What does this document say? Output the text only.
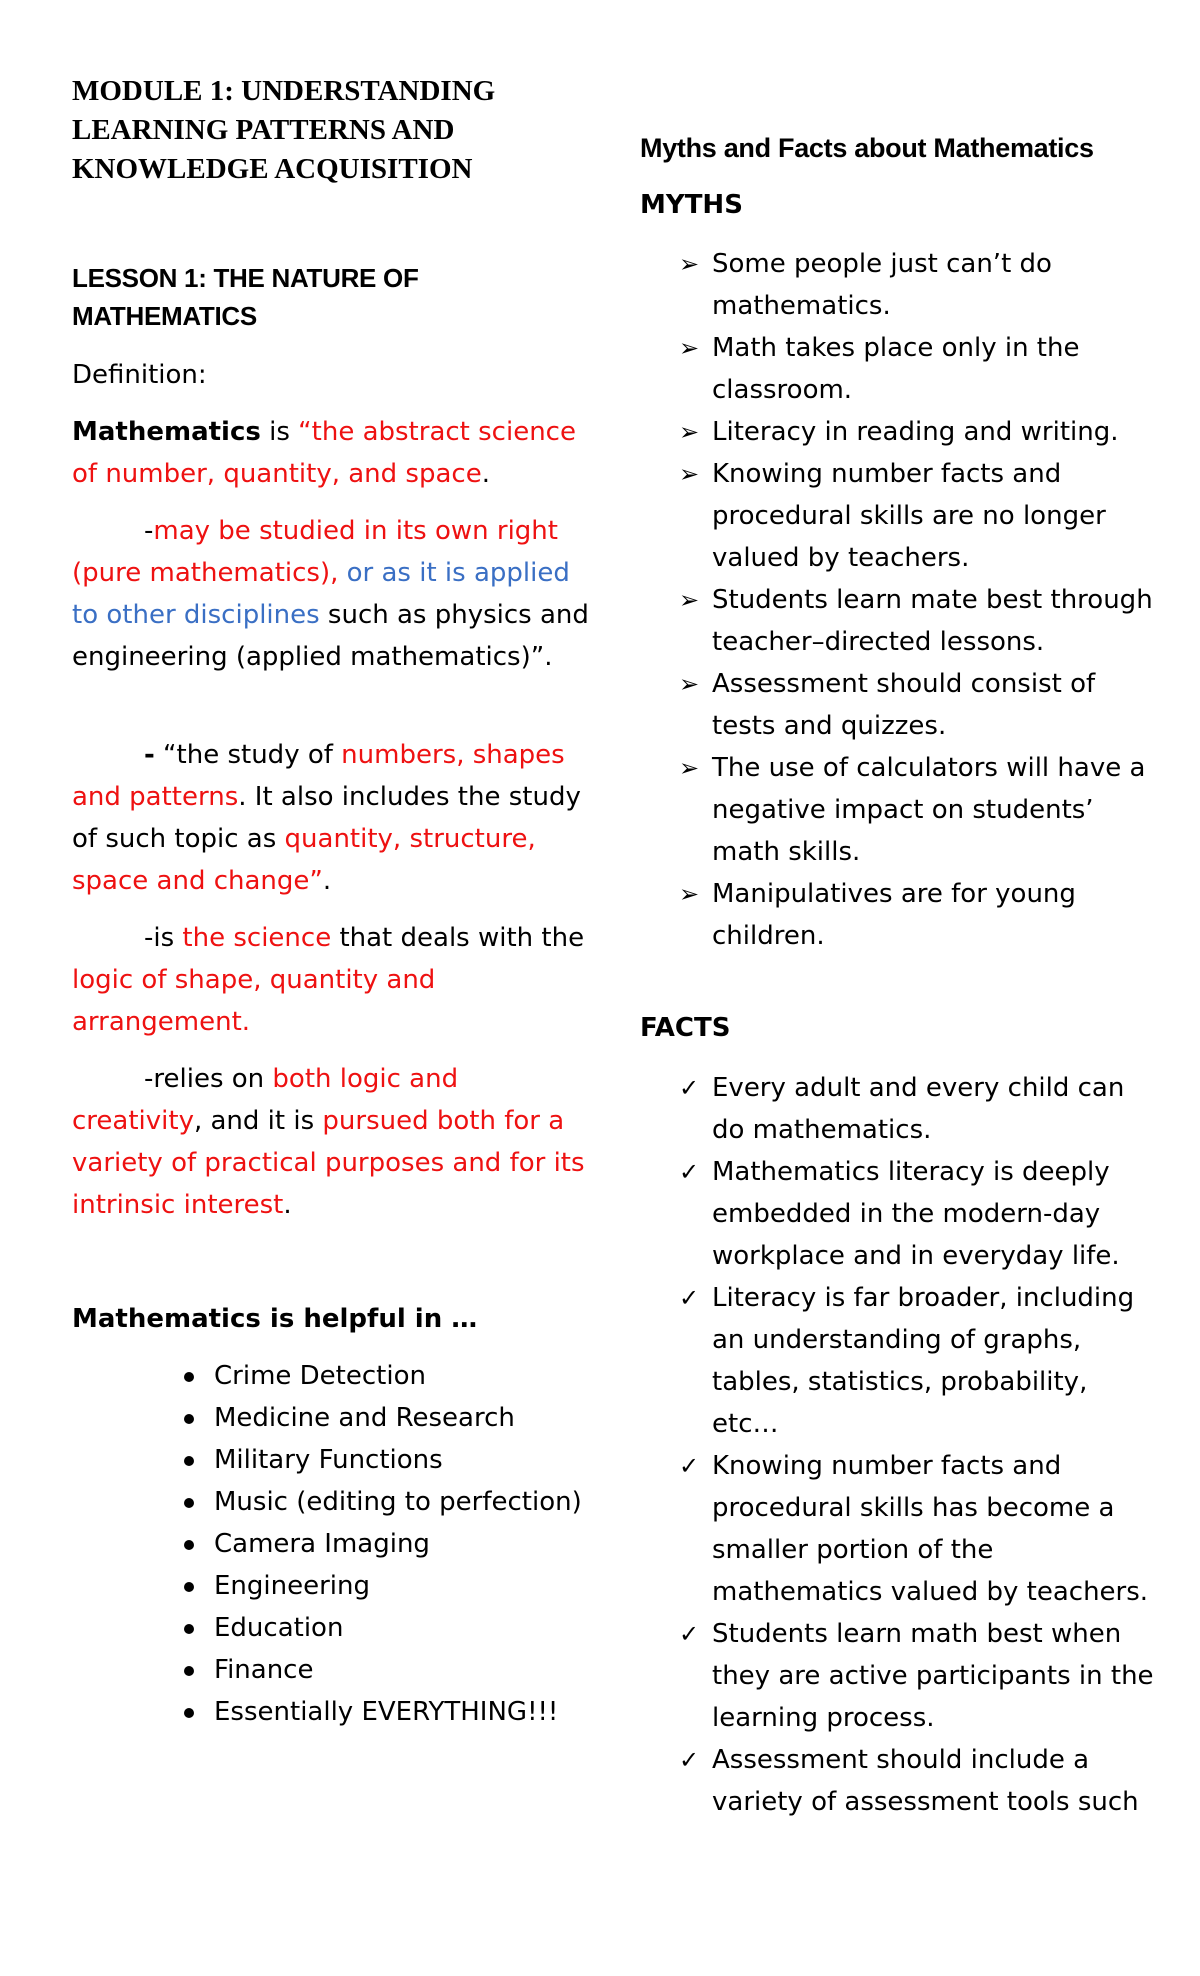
MODULE 1: UNDERSTANDING LEARNING PATTERNS AND KNOWLEDGE ACQUISITION
LESSON 1: THE NATURE OF MATHEMATICS

Definition:

Mathematics is “the abstract science of number, quantity, and space.

-may be studied in its own right (pure mathematics), or as it is applied to other disciplines such as physics and engineering (applied mathematics)”.

- “the study of numbers, shapes and patterns. It also includes the study of such topic as quantity, structure, space and change”.

-is the science that deals with the logic of shape, quantity and arrangement.

-relies on both logic and creativity, and it is pursued both for a variety of practical purposes and for its intrinsic interest.

Mathematics is helpful in …

Crime Detection
Medicine and Research
Military Functions
Music (editing to perfection)
Camera Imaging
Engineering
Education
Finance
Essentially EVERYTHING!!!
Myths and Facts about Mathematics
MYTHS
➢ Some people just can’t do mathematics.
➢ Math takes place only in the classroom.
➢ Literacy in reading and writing.
➢ Knowing number facts and procedural skills are no longer valued by teachers.
➢ Students learn mate best through teacher–directed lessons.
➢ Assessment should consist of tests and quizzes.
➢ The use of calculators will have a negative impact on students’ math skills.
➢ Manipulatives are for young children.
FACTS
✓ Every adult and every child can do mathematics.
✓ Mathematics literacy is deeply embedded in the modern-day workplace and in everyday life.
✓ Literacy is far broader, including an understanding of graphs, tables, statistics, probability, etc…
✓ Knowing number facts and procedural skills has become a smaller portion of the mathematics valued by teachers.
✓ Students learn math best when they are active participants in the learning process.
✓ Assessment should include a variety of assessment tools such
